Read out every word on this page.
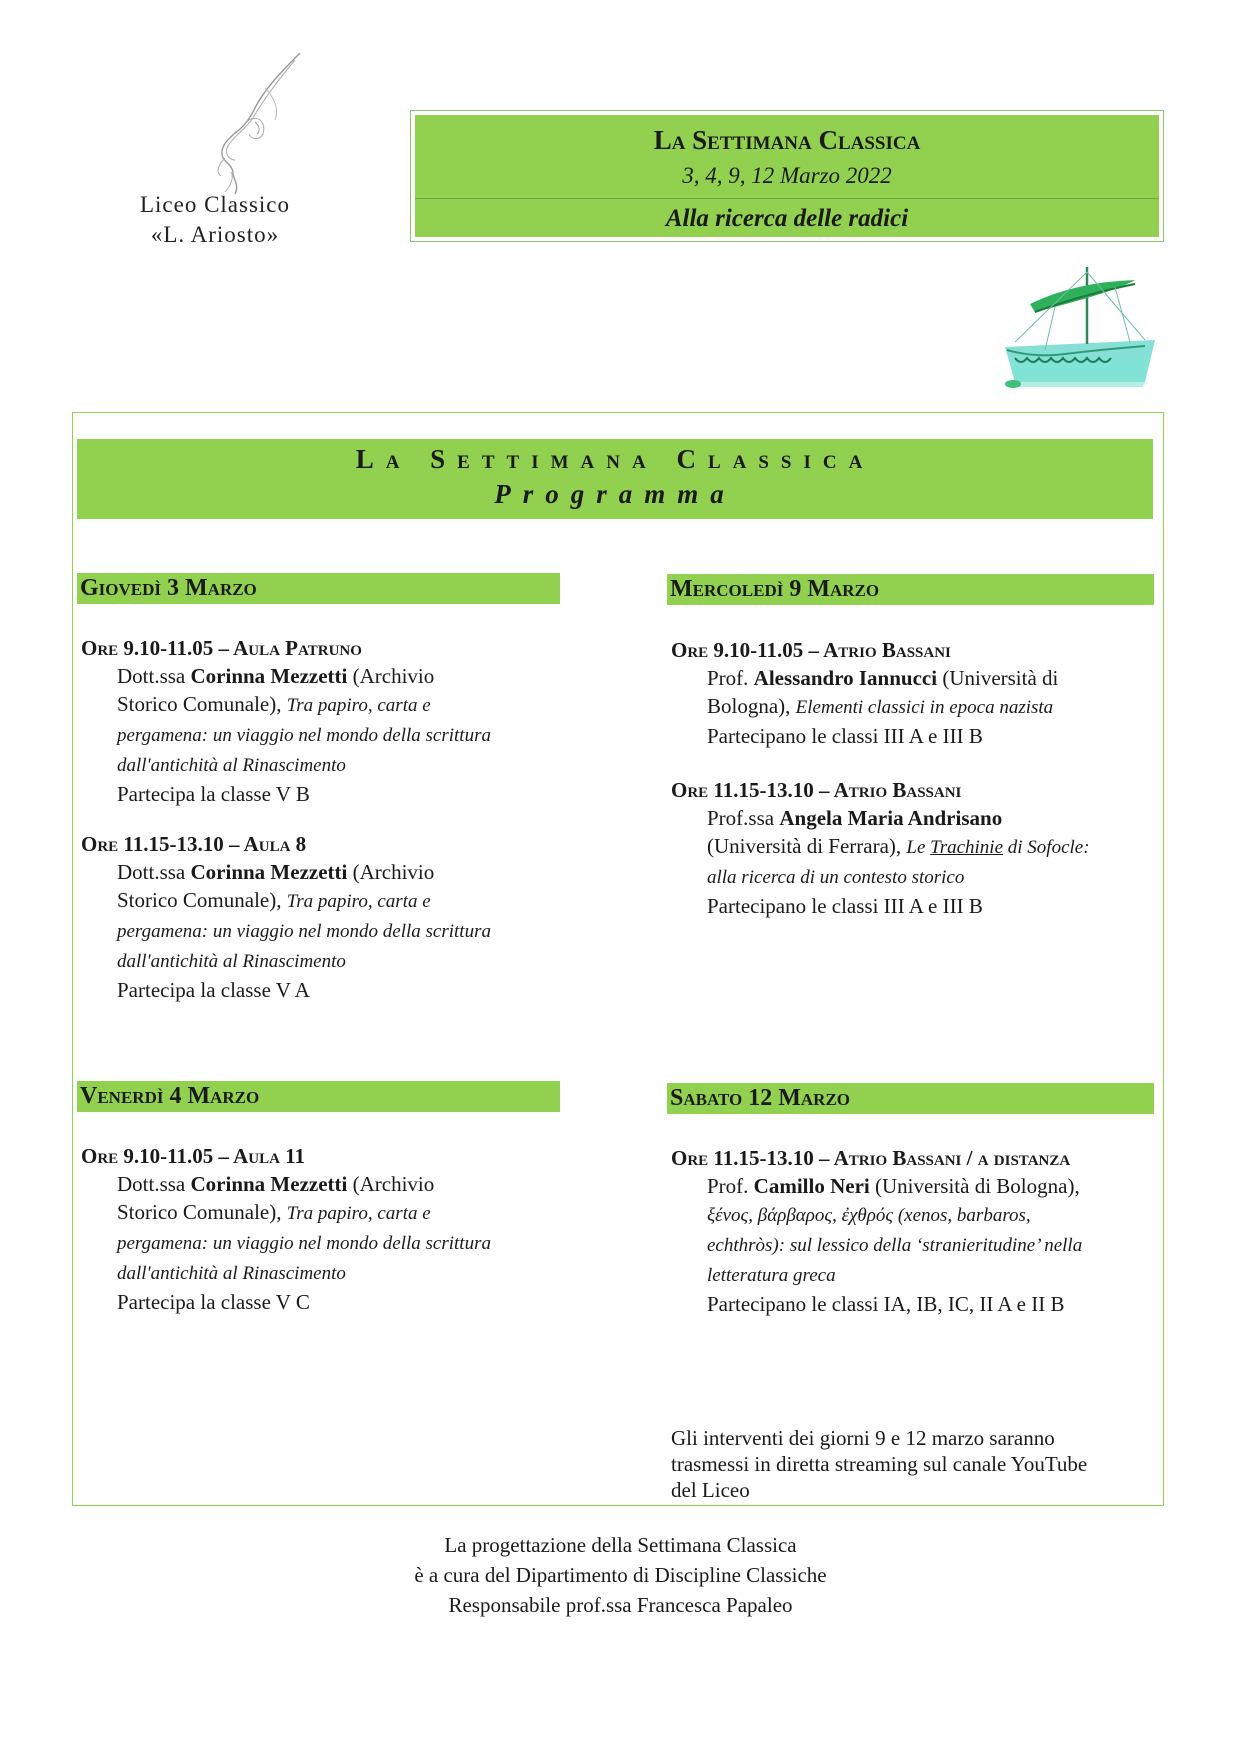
Liceo Classico
«L. Ariosto»
La Settimana Classica
3, 4, 9, 12 Marzo 2022
Alla ricerca delle radici
La Settimana Classica
Programma
Giovedì 3 Marzo	Mercoledì 9 Marzo
Venerdì 4 Marzo	Sabato 12 Marzo
Ore 9.10-11.05 – Aula Patruno
Dott.ssa Corinna Mezzetti (Archivio
Storico Comunale), Tra papiro, carta e
pergamena: un viaggio nel mondo della scrittura
dall'antichità al Rinascimento
Partecipa la classe V B
Ore 11.15-13.10 – Aula 8
Dott.ssa Corinna Mezzetti (Archivio
Storico Comunale), Tra papiro, carta e
pergamena: un viaggio nel mondo della scrittura
dall'antichità al Rinascimento
Partecipa la classe V A
Ore 9.10-11.05 – Aula 11
Dott.ssa Corinna Mezzetti (Archivio
Storico Comunale), Tra papiro, carta e
pergamena: un viaggio nel mondo della scrittura
dall'antichità al Rinascimento
Partecipa la classe V C
Ore 9.10-11.05 – Atrio Bassani
Prof. Alessandro Iannucci (Università di
Bologna), Elementi classici in epoca nazista
Partecipano le classi III A e III B
Ore 11.15-13.10 – Atrio Bassani
Prof.ssa Angela Maria Andrisano
(Università di Ferrara), Le Trachinie di Sofocle:
alla ricerca di un contesto storico
Partecipano le classi III A e III B
Ore 11.15-13.10 – Atrio Bassani / a distanza
Prof. Camillo Neri (Università di Bologna),
ξένος, βάρβαρος, ἐχθρός (xenos, barbaros,
echthròs): sul lessico della ‘stranieritudine’ nella
letteratura greca
Partecipano le classi IA, IB, IC, II A e II B
Gli interventi dei giorni 9 e 12 marzo saranno
trasmessi in diretta streaming sul canale YouTube
del Liceo
La progettazione della Settimana Classica
è a cura del Dipartimento di Discipline Classiche
Responsabile prof.ssa Francesca Papaleo
